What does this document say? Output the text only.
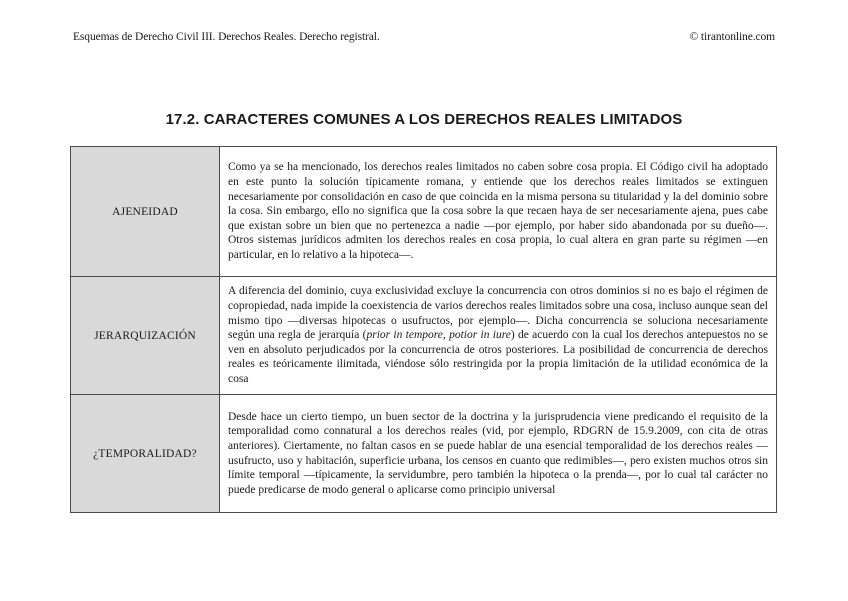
Esquemas de Derecho Civil III. Derechos Reales. Derecho registral.	© tirantonline.com
17.2. CARACTERES COMUNES A LOS DERECHOS REALES LIMITADOS
AJENEIDAD	Como ya se ha mencionado, los derechos reales limitados no caben sobre cosa propia. El Código civil ha adoptado en este punto la solución típicamente romana, y entiende que los derechos reales limitados se extinguen necesariamente por consolidación en caso de que coincida en la misma persona su titularidad y la del dominio sobre la cosa. Sin embargo, ello no significa que la cosa sobre la que recaen haya de ser necesariamente ajena, pues cabe que existan sobre un bien que no pertenezca a nadie —por ejemplo, por haber sido abandonada por su dueño—. Otros sistemas jurídicos admiten los derechos reales en cosa propia, lo cual altera en gran parte su régimen —en particular, en lo relativo a la hipoteca—.
JERARQUIZACIÓN	A diferencia del dominio, cuya exclusividad excluye la concurrencia con otros dominios si no es bajo el régimen de copropiedad, nada impide la coexistencia de varios derechos reales limitados sobre una cosa, incluso aunque sean del mismo tipo —diversas hipotecas o usufructos, por ejemplo—. Dicha concurrencia se soluciona necesariamente según una regla de jerarquía (prior in tempore, potior in iure) de acuerdo con la cual los derechos antepuestos no se ven en absoluto perjudicados por la concurrencia de otros posteriores. La posibilidad de concurrencia de derechos reales es teóricamente ilimitada, viéndose sólo restringida por la propia limitación de la utilidad económica de la cosa
¿TEMPORALIDAD?	Desde hace un cierto tiempo, un buen sector de la doctrina y la jurisprudencia viene predicando el requisito de la temporalidad como connatural a los derechos reales (vid, por ejemplo, RDGRN de 15.9.2009, con cita de otras anteriores). Ciertamente, no faltan casos en se puede hablar de una esencial temporalidad de los derechos reales —usufructo, uso y habitación, superficie urbana, los censos en cuanto que redimibles—, pero existen muchos otros sin límite temporal —típicamente, la servidumbre, pero también la hipoteca o la prenda—, por lo cual tal carácter no puede predicarse de modo general o aplicarse como principio universal
